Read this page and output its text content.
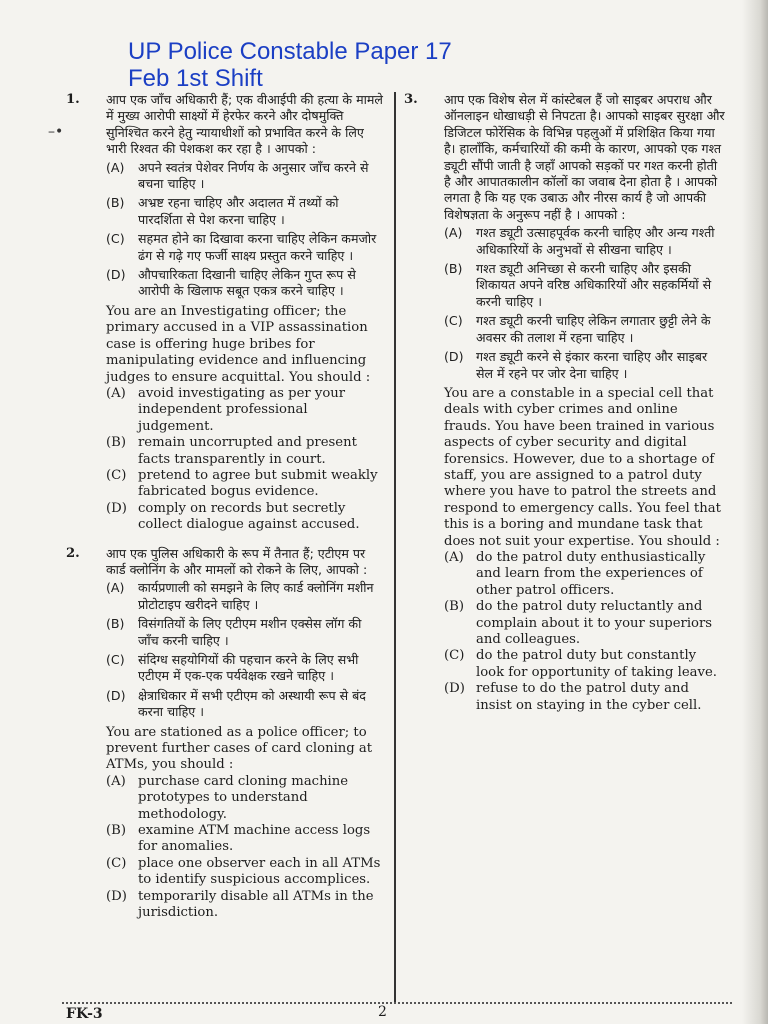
UP Police Constable Paper 17
Feb 1st Shift
–•
1. आप एक जाँच अधिकारी हैं; एक वीआईपी की हत्या के मामले में मुख्य आरोपी साक्ष्यों में हेरफेर करने और दोषमुक्ति सुनिश्चित करने हेतु न्यायाधीशों को प्रभावित करने के लिए भारी रिश्वत की पेशकश कर रहा है । आपको :
(A)	अपने स्वतंत्र पेशेवर निर्णय के अनुसार जाँच करने से बचना चाहिए ।
(B)	अभ्रष्ट रहना चाहिए और अदालत में तथ्यों को पारदर्शिता से पेश करना चाहिए ।
(C)	सहमत होने का दिखावा करना चाहिए लेकिन कमजोर ढंग से गढ़े गए फर्जी साक्ष्य प्रस्तुत करने चाहिए ।
(D) औपचारिकता दिखानी चाहिए लेकिन गुप्त रूप से आरोपी के खिलाफ सबूत एकत्र करने चाहिए ।
You are an Investigating officer; the primary accused in a VIP assassination case is offering huge bribes for manipulating evidence and influencing judges to ensure acquittal. You should :
(A) avoid investigating as per your independent professional judgement.
(B) remain uncorrupted and present facts transparently in court.
(C) pretend to agree but submit weakly fabricated bogus evidence.
(D) comply on records but secretly collect dialogue against accused.
2. आप एक पुलिस अधिकारी के रूप में तैनात हैं; एटीएम पर कार्ड क्लोनिंग के और मामलों को रोकने के लिए, आपको :
(A)	कार्यप्रणाली को समझने के लिए कार्ड क्लोनिंग मशीन प्रोटोटाइप खरीदने चाहिए ।
(B)	विसंगतियों के लिए एटीएम मशीन एक्सेस लॉग की जाँच करनी चाहिए ।
(C)	संदिग्ध सहयोगियों की पहचान करने के लिए सभी एटीएम में एक-एक पर्यवेक्षक रखने चाहिए ।
(D) क्षेत्राधिकार में सभी एटीएम को अस्थायी रूप से बंद करना चाहिए ।
You are stationed as a police officer; to prevent further cases of card cloning at ATMs, you should :
(A) purchase card cloning machine prototypes to understand methodology.
(B) examine ATM machine access logs for anomalies.
(C) place one observer each in all ATMs to identify suspicious accomplices.
(D) temporarily disable all ATMs in the jurisdiction.
3. आप एक विशेष सेल में कांस्टेबल हैं जो साइबर अपराध और ऑनलाइन धोखाधड़ी से निपटता है। आपको साइबर सुरक्षा और डिजिटल फोरेंसिक के विभिन्न पहलुओं में प्रशिक्षित किया गया है। हालाँकि, कर्मचारियों की कमी के कारण, आपको एक गश्त ड्यूटी सौंपी जाती है जहाँ आपको सड़कों पर गश्त करनी होती है और आपातकालीन कॉलों का जवाब देना होता है । आपको लगता है कि यह एक उबाऊ और नीरस कार्य है जो आपकी विशेषज्ञता के अनुरूप नहीं है । आपको :
(A)	गश्त ड्यूटी उत्साहपूर्वक करनी चाहिए और अन्य गश्ती अधिकारियों के अनुभवों से सीखना चाहिए ।
(B)	गश्त ड्यूटी अनिच्छा से करनी चाहिए और इसकी शिकायत अपने वरिष्ठ अधिकारियों और सहकर्मियों से करनी चाहिए ।
(C)	गश्त ड्यूटी करनी चाहिए लेकिन लगातार छुट्टी लेने के अवसर की तलाश में रहना चाहिए ।
(D) गश्त ड्यूटी करने से इंकार करना चाहिए और साइबर सेल में रहने पर जोर देना चाहिए ।
You are a constable in a special cell that deals with cyber crimes and online frauds. You have been trained in various aspects of cyber security and digital forensics. However, due to a shortage of staff, you are assigned to a patrol duty where you have to patrol the streets and respond to emergency calls. You feel that this is a boring and mundane task that does not suit your expertise. You should :
(A) do the patrol duty enthusiastically and learn from the experiences of other patrol officers.
(B) do the patrol duty reluctantly and complain about it to your superiors and colleagues.
(C) do the patrol duty but constantly look for opportunity of taking leave.
(D) refuse to do the patrol duty and insist on staying in the cyber cell.
FK-3	2
